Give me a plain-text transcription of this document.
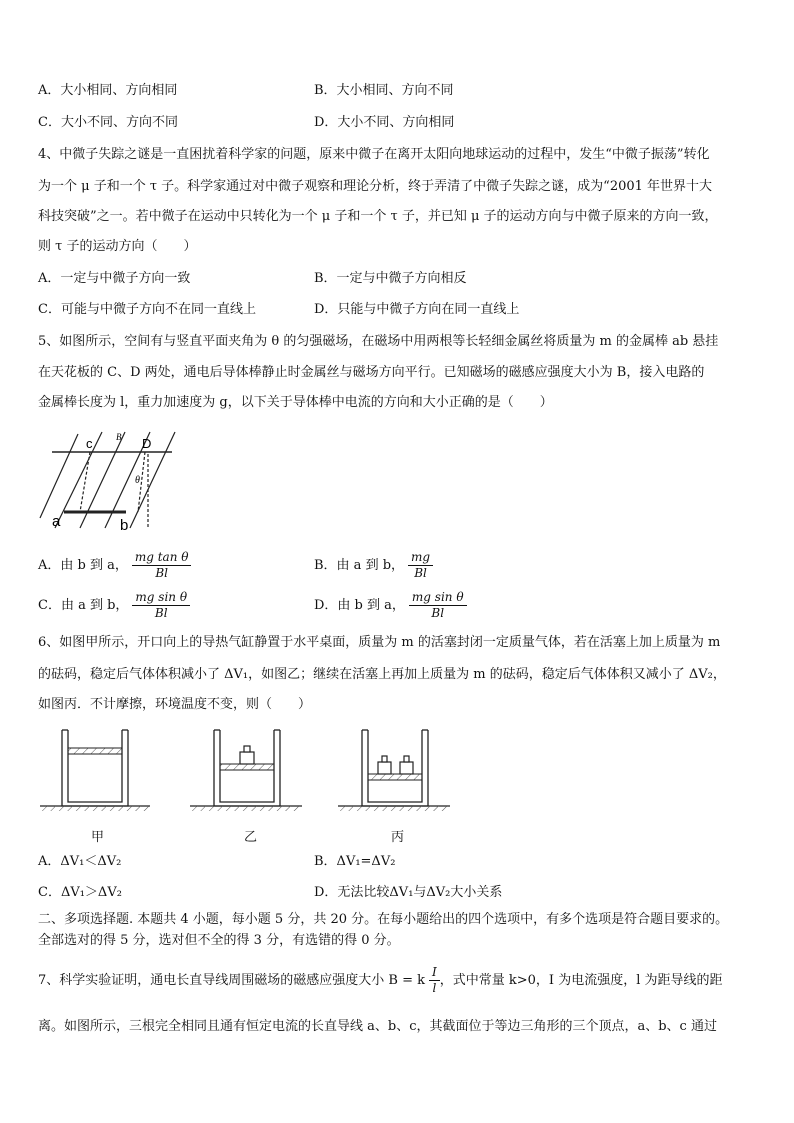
A．大小相同、方向相同	B．大小相同、方向不同
C．大小不同、方向不同	D．大小不同、方向相同
4、中微子失踪之谜是一直困扰着科学家的问题，原来中微子在离开太阳向地球运动的过程中，发生“中微子振荡”转化
为一个 μ 子和一个 τ 子。科学家通过对中微子观察和理论分析，终于弄清了中微子失踪之谜，成为“2001 年世界十大
科技突破”之一。若中微子在运动中只转化为一个 μ 子和一个 τ 子，并已知 μ 子的运动方向与中微子原来的方向一致，
则 τ 子的运动方向（　　）
A．一定与中微子方向一致	B．一定与中微子方向相反
C．可能与中微子方向不在同一直线上	D．只能与中微子方向在同一直线上
5、如图所示，空间有与竖直平面夹角为 θ 的匀强磁场，在磁场中用两根等长轻细金属丝将质量为 m 的金属棒 ab 悬挂
在天花板的 C、D 两处，通电后导体棒静止时金属丝与磁场方向平行。已知磁场的磁感应强度大小为 B，接入电路的
金属棒长度为 l，重力加速度为 g，以下关于导体棒中电流的方向和大小正确的是（　　）
c	B D
θ
a	b
A．由 b 到 a， $\frac{\text{mg tan θ}}{Bl}$	B．由 a 到 b， $\frac{mg}{Bl}$
C．由 a 到 b， $\frac{\text{mg sin θ}}{Bl}$	D．由 b 到 a， $\frac{\text{mg sin θ}}{Bl}$
6、如图甲所示，开口向上的导热气缸静置于水平桌面，质量为 m 的活塞封闭一定质量气体，若在活塞上加上质量为 m
的砝码，稳定后气体体积减小了 ΔV₁，如图乙；继续在活塞上再加上质量为 m 的砝码，稳定后气体体积又减小了 ΔV₂，
如图丙．不计摩擦，环境温度不变，则（　　）
甲	乙	丙
A．ΔV₁＜ΔV₂	B．ΔV₁=ΔV₂
C．ΔV₁＞ΔV₂	D．无法比较ΔV₁与ΔV₂大小关系
二、多项选择题. 本题共 4 小题，每小题 5 分，共 20 分。在每小题给出的四个选项中，有多个选项是符合题目要求的。
全部选对的得 5 分，选对但不全的得 3 分，有选错的得 0 分。
7、科学实验证明，通电长直导线周围磁场的磁感应强度大小 B = k $\frac{I}{l}$ ，式中常量 k>0，I 为电流强度，l 为距导线的距
离。如图所示，三根完全相同且通有恒定电流的长直导线 a、b、c，其截面位于等边三角形的三个顶点，a、b、c 通过
